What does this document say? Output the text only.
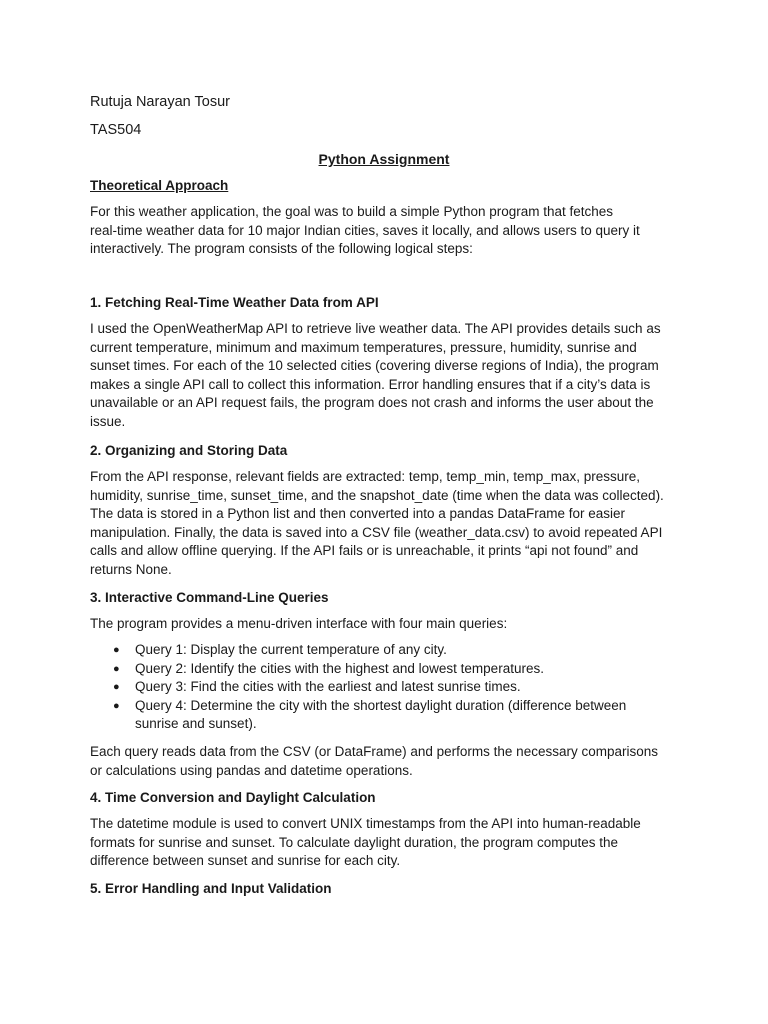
Rutuja Narayan Tosur
TAS504
Python Assignment
Theoretical Approach

For this weather application, the goal was to build a simple Python program that fetches
real-time weather data for 10 major Indian cities, saves it locally, and allows users to query it
interactively. The program consists of the following logical steps:

1. Fetching Real-Time Weather Data from API

I used the OpenWeatherMap API to retrieve live weather data. The API provides details such as
current temperature, minimum and maximum temperatures, pressure, humidity, sunrise and
sunset times. For each of the 10 selected cities (covering diverse regions of India), the program
makes a single API call to collect this information. Error handling ensures that if a city’s data is
unavailable or an API request fails, the program does not crash and informs the user about the
issue.

2. Organizing and Storing Data

From the API response, relevant fields are extracted: temp, temp_min, temp_max, pressure,
humidity, sunrise_time, sunset_time, and the snapshot_date (time when the data was collected).
The data is stored in a Python list and then converted into a pandas DataFrame for easier
manipulation. Finally, the data is saved into a CSV file (weather_data.csv) to avoid repeated API
calls and allow offline querying. If the API fails or is unreachable, it prints “api not found” and
returns None.

3. Interactive Command-Line Queries

The program provides a menu-driven interface with four main queries:

● Query 1: Display the current temperature of any city.
● Query 2: Identify the cities with the highest and lowest temperatures.
● Query 3: Find the cities with the earliest and latest sunrise times.
● Query 4: Determine the city with the shortest daylight duration (difference between
sunrise and sunset).

Each query reads data from the CSV (or DataFrame) and performs the necessary comparisons
or calculations using pandas and datetime operations.

4. Time Conversion and Daylight Calculation

The datetime module is used to convert UNIX timestamps from the API into human-readable
formats for sunrise and sunset. To calculate daylight duration, the program computes the
difference between sunset and sunrise for each city.

5. Error Handling and Input Validation
